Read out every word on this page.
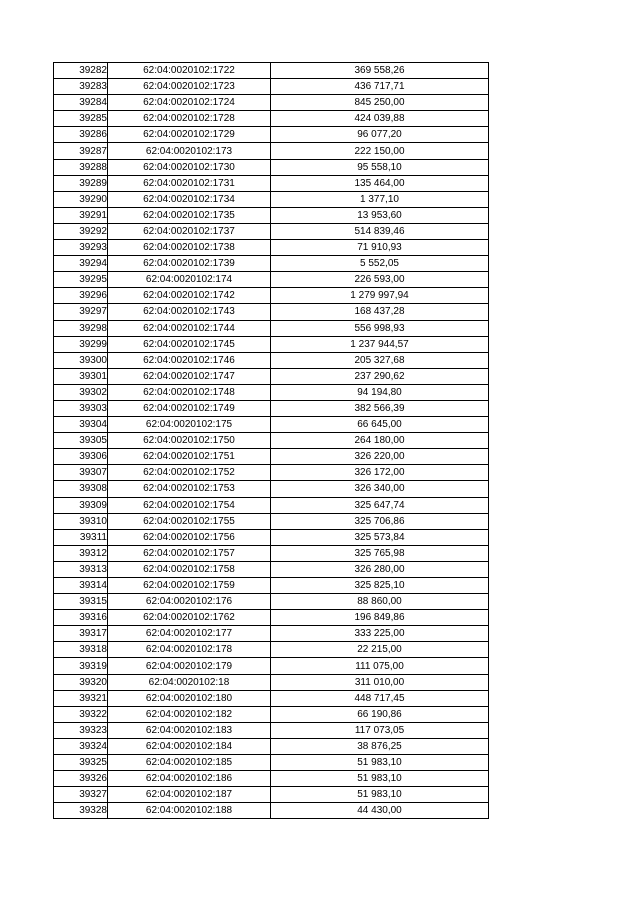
39282	62:04:0020102:1722	369 558,26
39283	62:04:0020102:1723	436 717,71
39284	62:04:0020102:1724	845 250,00
39285	62:04:0020102:1728	424 039,88
39286	62:04:0020102:1729	96 077,20
39287	62:04:0020102:173	222 150,00
39288	62:04:0020102:1730	95 558,10
39289	62:04:0020102:1731	135 464,00
39290	62:04:0020102:1734	1 377,10
39291	62:04:0020102:1735	13 953,60
39292	62:04:0020102:1737	514 839,46
39293	62:04:0020102:1738	71 910,93
39294	62:04:0020102:1739	5 552,05
39295	62:04:0020102:174	226 593,00
39296	62:04:0020102:1742	1 279 997,94
39297	62:04:0020102:1743	168 437,28
39298	62:04:0020102:1744	556 998,93
39299	62:04:0020102:1745	1 237 944,57
39300	62:04:0020102:1746	205 327,68
39301	62:04:0020102:1747	237 290,62
39302	62:04:0020102:1748	94 194,80
39303	62:04:0020102:1749	382 566,39
39304	62:04:0020102:175	66 645,00
39305	62:04:0020102:1750	264 180,00
39306	62:04:0020102:1751	326 220,00
39307	62:04:0020102:1752	326 172,00
39308	62:04:0020102:1753	326 340,00
39309	62:04:0020102:1754	325 647,74
39310	62:04:0020102:1755	325 706,86
39311	62:04:0020102:1756	325 573,84
39312	62:04:0020102:1757	325 765,98
39313	62:04:0020102:1758	326 280,00
39314	62:04:0020102:1759	325 825,10
39315	62:04:0020102:176	88 860,00
39316	62:04:0020102:1762	196 849,86
39317	62:04:0020102:177	333 225,00
39318	62:04:0020102:178	22 215,00
39319	62:04:0020102:179	111 075,00
39320	62:04:0020102:18	311 010,00
39321	62:04:0020102:180	448 717,45
39322	62:04:0020102:182	66 190,86
39323	62:04:0020102:183	117 073,05
39324	62:04:0020102:184	38 876,25
39325	62:04:0020102:185	51 983,10
39326	62:04:0020102:186	51 983,10
39327	62:04:0020102:187	51 983,10
39328	62:04:0020102:188	44 430,00
